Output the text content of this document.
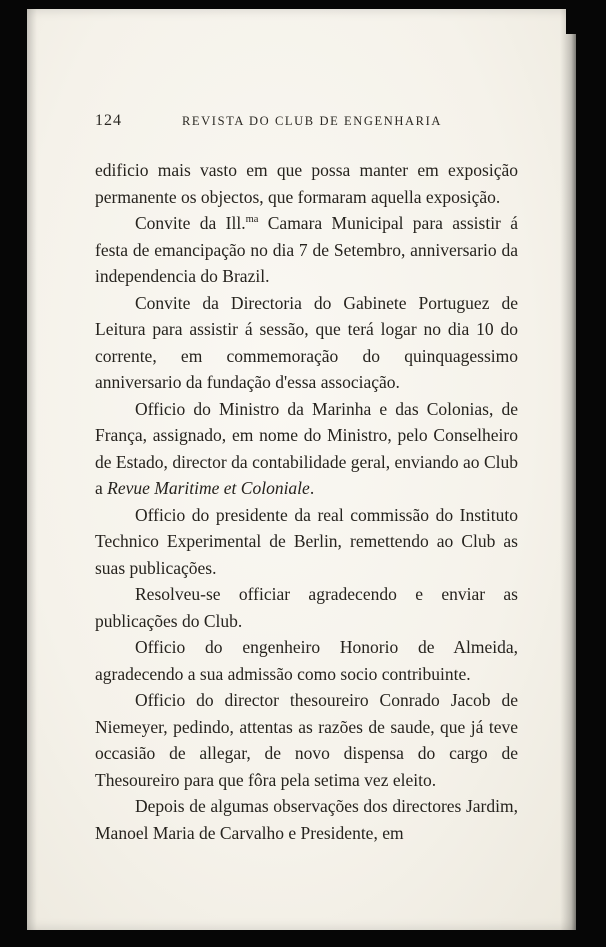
124	REVISTA DO CLUB DE ENGENHARIA

edificio mais vasto em que possa manter em exposição permanente os objectos, que formaram aquella exposição.

Convite da Ill.$^{ma}$ Camara Municipal para assistir á festa de emancipação no dia 7 de Setembro, anniversario da independencia do Brazil.

Convite da Directoria do Gabinete Portuguez de Leitura para assistir á sessão, que terá logar no dia 10 do corrente, em commemoração do quinquagessimo anniversario da fundação d'essa associação.

Officio do Ministro da Marinha e das Colonias, de França, assignado, em nome do Ministro, pelo Conselheiro de Estado, director da contabilidade geral, enviando ao Club a Revue Maritime et Coloniale.

Officio do presidente da real commissão do Instituto Technico Experimental de Berlin, remettendo ao Club as suas publicações.

Resolveu-se officiar agradecendo e enviar as publicações do Club.

Officio do engenheiro Honorio de Almeida, agradecendo a sua admissão como socio contribuinte.

Officio do director thesoureiro Conrado Jacob de Niemeyer, pedindo, attentas as razões de saude, que já teve occasião de allegar, de novo dispensa do cargo de Thesoureiro para que fôra pela setima vez eleito.

Depois de algumas observações dos directores Jardim, Manoel Maria de Carvalho e Presidente, em
